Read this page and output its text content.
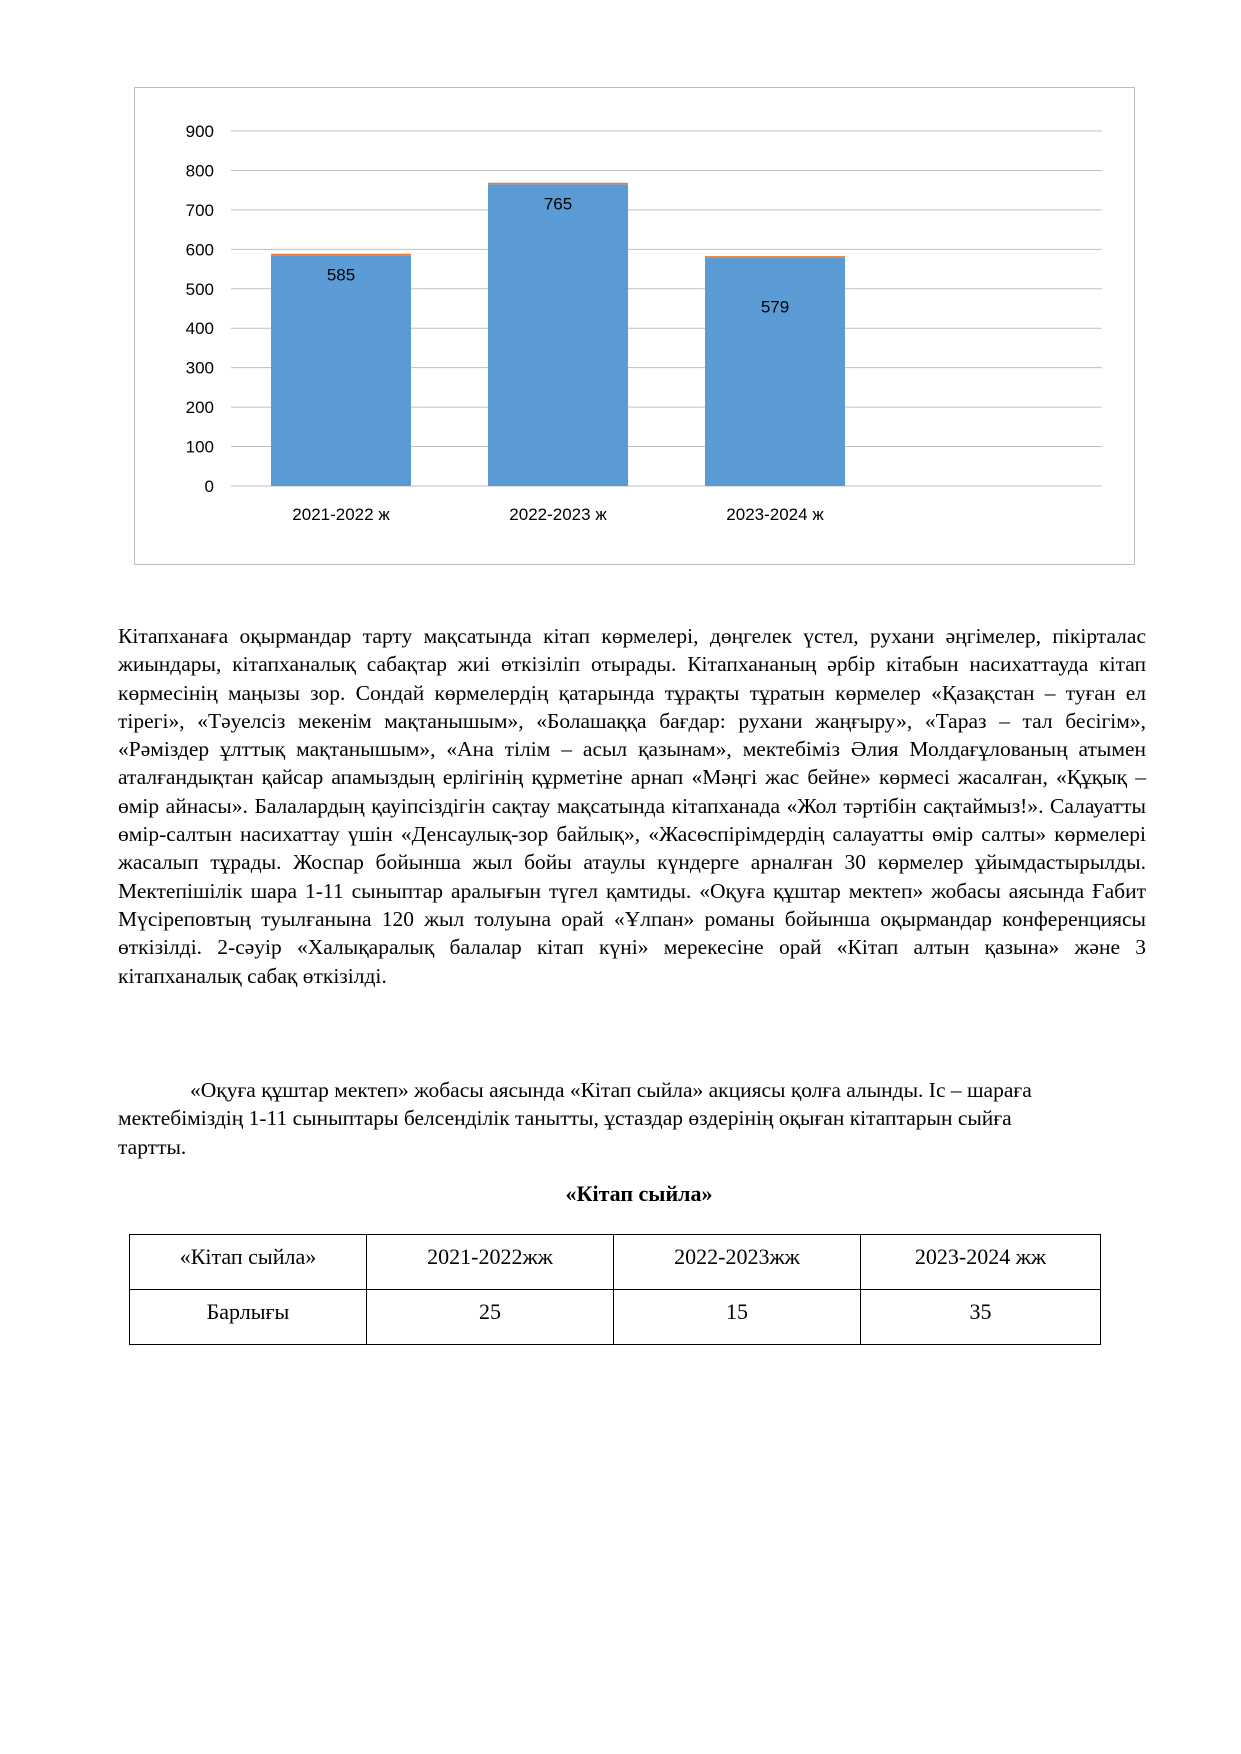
0
100
200
300
400
500
600
700
800
900
585
2021-2022 ж
765
2022-2023 ж
579
2023-2024 ж

Кітапханаға оқырмандар тарту мақсатында кітап көрмелері, дөңгелек үстел, рухани әңгімелер, пікірталас жиындары, кітапханалық сабақтар жиі өткізіліп отырады. Кітапхананың әрбір кітабын насихаттауда кітап көрмесінің маңызы зор. Сондай көрмелердің қатарында тұрақты тұратын көрмелер «Қазақстан – туған ел тірегі», «Тәуелсіз мекенім мақтанышым», «Болашаққа бағдар: рухани жаңғыру», «Тараз – тал бесігім», «Рәміздер ұлттық мақтанышым», «Ана тілім – асыл қазынам», мектебіміз Әлия Молдағұлованың атымен аталғандықтан қайсар апамыздың ерлігінің құрметіне арнап «Мәңгі жас бейне» көрмесі жасалған, «Құқық – өмір айнасы». Балалардың қауіпсіздігін сақтау мақсатында кітапханада «Жол тәртібін сақтаймыз!». Салауатты өмір-салтын насихаттау үшін «Денсаулық-зор байлық», «Жасөспірімдердің салауатты өмір салты» көрмелері жасалып тұрады. Жоспар бойынша жыл бойы атаулы күндерге арналған 30 көрмелер ұйымдастырылды. Мектепішілік шара 1-11 сыныптар аралығын түгел қамтиды. «Оқуға құштар мектеп» жобасы аясында Ғабит Мүсіреповтың туылғанына 120 жыл толуына орай «Ұлпан» романы бойынша оқырмандар конференциясы өткізілді. 2-сәуір «Халықаралық балалар кітап күні» мерекесіне орай «Кітап алтын қазына» және 3 кітапханалық сабақ өткізілді.

«Оқуға құштар мектеп» жобасы аясында «Кітап сыйла» акциясы қолға алынды. Іс – шараға мектебіміздің 1-11 сыныптары белсенділік танытты, ұстаздар өздерінің оқыған кітаптарын сыйға тартты.

«Кітап сыйла»

«Кітап сыйла»	2021-2022жж	2022-2023жж	2023-2024 жж
Барлығы	25	15	35
